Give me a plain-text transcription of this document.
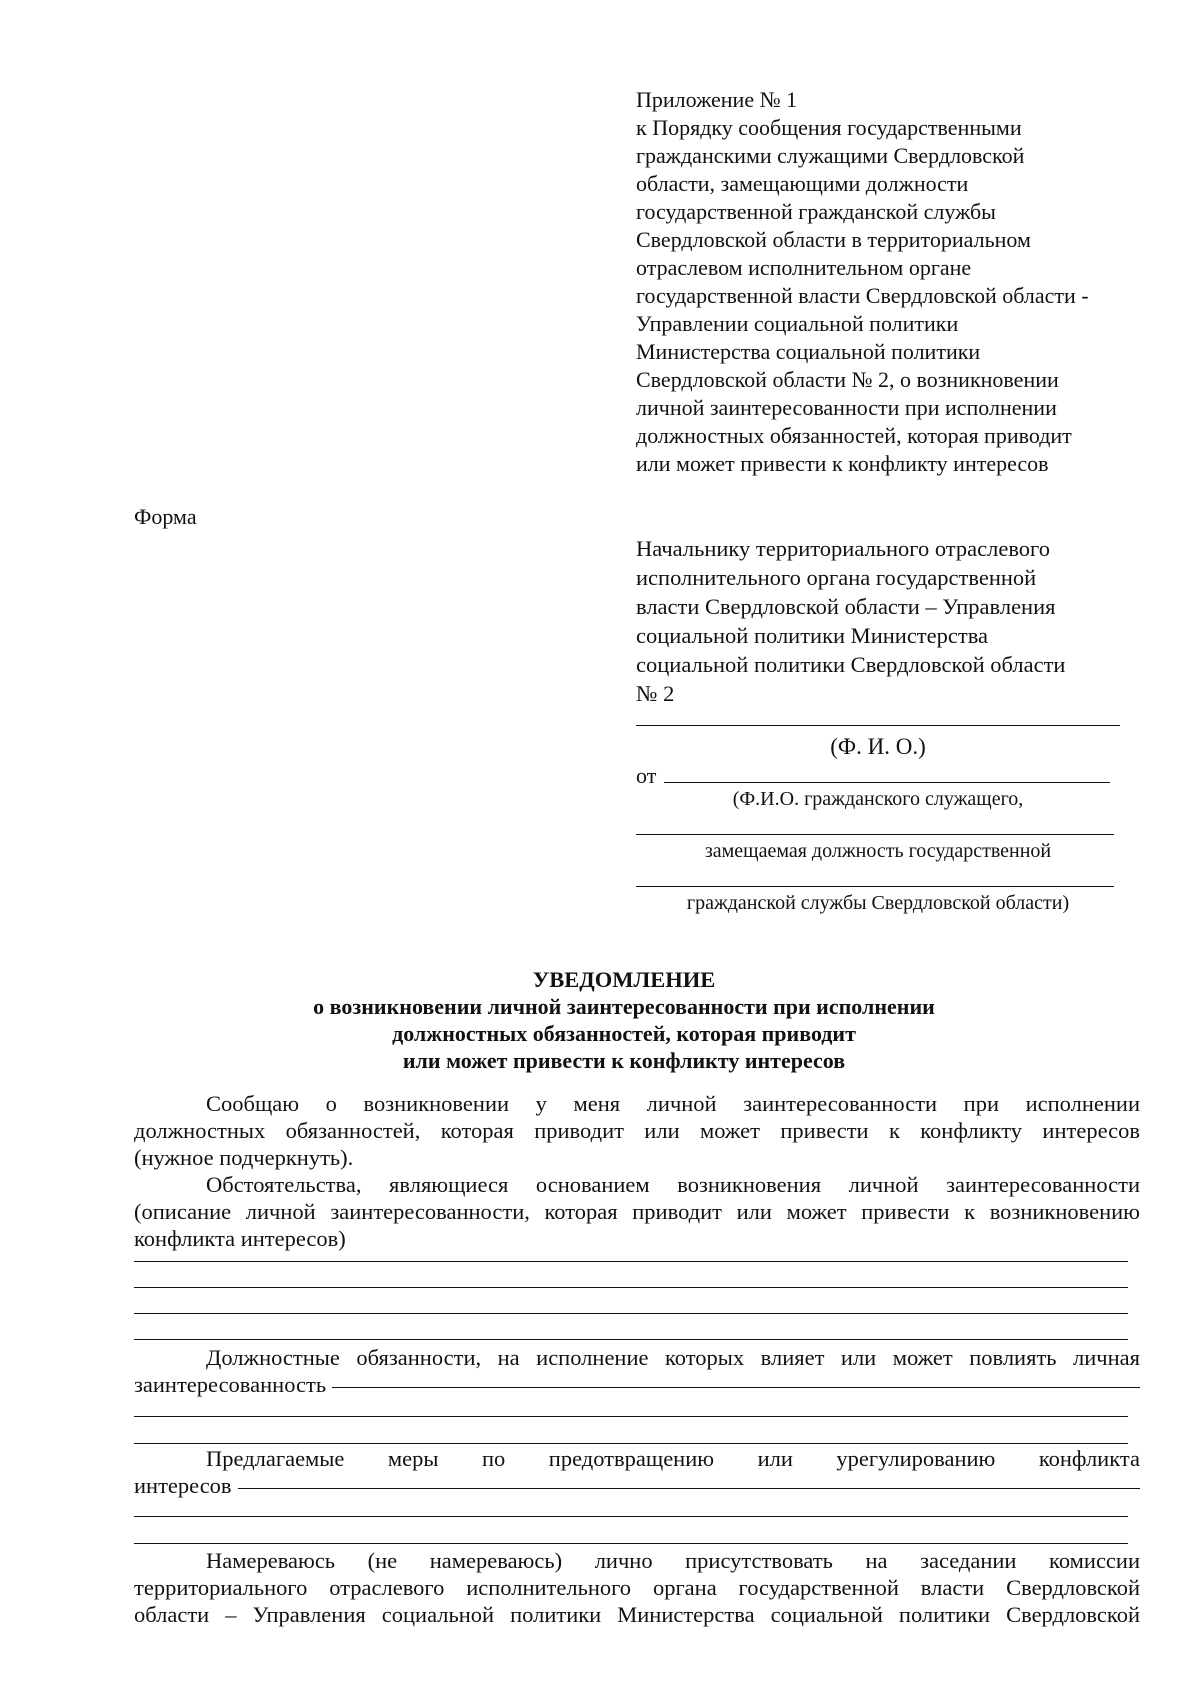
Приложение № 1
к Порядку сообщения государственными
гражданскими служащими Свердловской
области, замещающими должности
государственной гражданской службы
Свердловской области в территориальном
отраслевом исполнительном органе
государственной власти Свердловской области -
Управлении социальной политики
Министерства социальной политики
Свердловской области № 2, о возникновении
личной заинтересованности при исполнении
должностных обязанностей, которая приводит
или может привести к конфликту интересов
Форма
Начальнику территориального отраслевого
исполнительного органа государственной
власти Свердловской области – Управления
социальной политики Министерства
социальной политики Свердловской области
№ 2
(Ф. И. О.)
от
(Ф.И.О. гражданского служащего,
замещаемая должность государственной
гражданской службы Свердловской области)
УВЕДОМЛЕНИЕ
о возникновении личной заинтересованности при исполнении
должностных обязанностей, которая приводит
или может привести к конфликту интересов
Сообщаю о возникновении у меня личной заинтересованности при исполнении
должностных обязанностей, которая приводит или может привести к конфликту интересов
(нужное подчеркнуть).
Обстоятельства, являющиеся основанием возникновения личной заинтересованности
(описание личной заинтересованности, которая приводит или может привести к возникновению
конфликта интересов)
Должностные обязанности, на исполнение которых влияет или может повлиять личная
заинтересованность
Предлагаемые меры по предотвращению или урегулированию конфликта
интересов
Намереваюсь (не намереваюсь) лично присутствовать на заседании комиссии
территориального отраслевого исполнительного органа государственной власти Свердловской
области – Управления социальной политики Министерства социальной политики Свердловской
